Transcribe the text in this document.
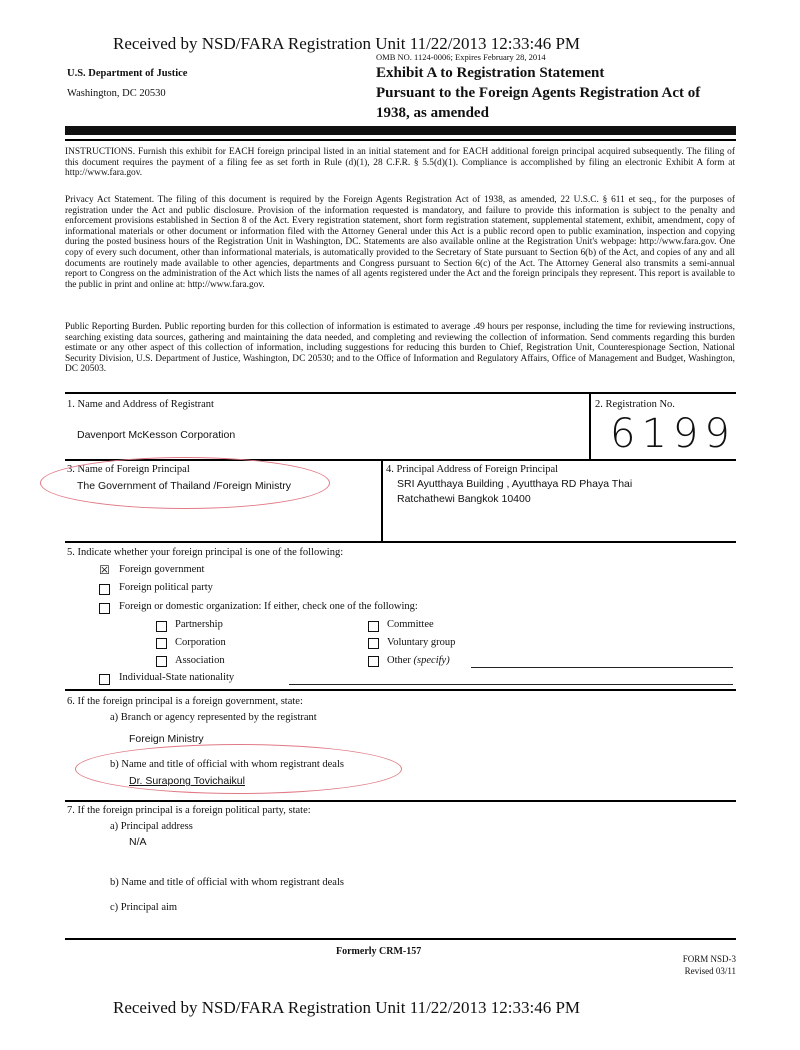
Received by NSD/FARA Registration Unit 11/22/2013 12:33:46 PM
OMB NO. 1124-0006; Expires February 28, 2014
U.S. Department of Justice
Washington, DC 20530
Exhibit A to Registration Statement
Pursuant to the Foreign Agents Registration Act of
1938, as amended
INSTRUCTIONS. Furnish this exhibit for EACH foreign principal listed in an initial statement and for EACH additional foreign principal acquired subsequently. The filing of this document requires the payment of a filing fee as set forth in Rule (d)(1), 28 C.F.R. § 5.5(d)(1). Compliance is accomplished by filing an electronic Exhibit A form at http://www.fara.gov.
Privacy Act Statement. The filing of this document is required by the Foreign Agents Registration Act of 1938, as amended, 22 U.S.C. § 611 et seq., for the purposes of registration under the Act and public disclosure. Provision of the information requested is mandatory, and failure to provide this information is subject to the penalty and enforcement provisions established in Section 8 of the Act. Every registration statement, short form registration statement, supplemental statement, exhibit, amendment, copy of informational materials or other document or information filed with the Attorney General under this Act is a public record open to public examination, inspection and copying during the posted business hours of the Registration Unit in Washington, DC. Statements are also available online at the Registration Unit's webpage: http://www.fara.gov. One copy of every such document, other than informational materials, is automatically provided to the Secretary of State pursuant to Section 6(b) of the Act, and copies of any and all documents are routinely made available to other agencies, departments and Congress pursuant to Section 6(c) of the Act. The Attorney General also transmits a semi-annual report to Congress on the administration of the Act which lists the names of all agents registered under the Act and the foreign principals they represent. This report is available to the public in print and online at: http://www.fara.gov.
Public Reporting Burden. Public reporting burden for this collection of information is estimated to average .49 hours per response, including the time for reviewing instructions, searching existing data sources, gathering and maintaining the data needed, and completing and reviewing the collection of information. Send comments regarding this burden estimate or any other aspect of this collection of information, including suggestions for reducing this burden to Chief, Registration Unit, Counterespionage Section, National Security Division, U.S. Department of Justice, Washington, DC 20530; and to the Office of Information and Regulatory Affairs, Office of Management and Budget, Washington, DC 20503.
1. Name and Address of Registrant
Davenport McKesson Corporation
2. Registration No.
6199
3. Name of Foreign Principal
The Government of Thailand /Foreign Ministry
4. Principal Address of Foreign Principal
SRI Ayutthaya Building , Ayutthaya RD Phaya Thai
Ratchathewi Bangkok 10400
5. Indicate whether your foreign principal is one of the following:
☒ Foreign government
Foreign political party
Foreign or domestic organization: If either, check one of the following:
Partnership
Corporation
Association
Committee
Voluntary group
Other (specify)
Individual-State nationality
6. If the foreign principal is a foreign government, state:
a) Branch or agency represented by the registrant
Foreign Ministry
b) Name and title of official with whom registrant deals
Dr. Surapong Tovichaikul
7. If the foreign principal is a foreign political party, state:
a) Principal address
N/A
b) Name and title of official with whom registrant deals
c) Principal aim
Formerly CRM-157
FORM NSD-3
Revised 03/11
Received by NSD/FARA Registration Unit 11/22/2013 12:33:46 PM
